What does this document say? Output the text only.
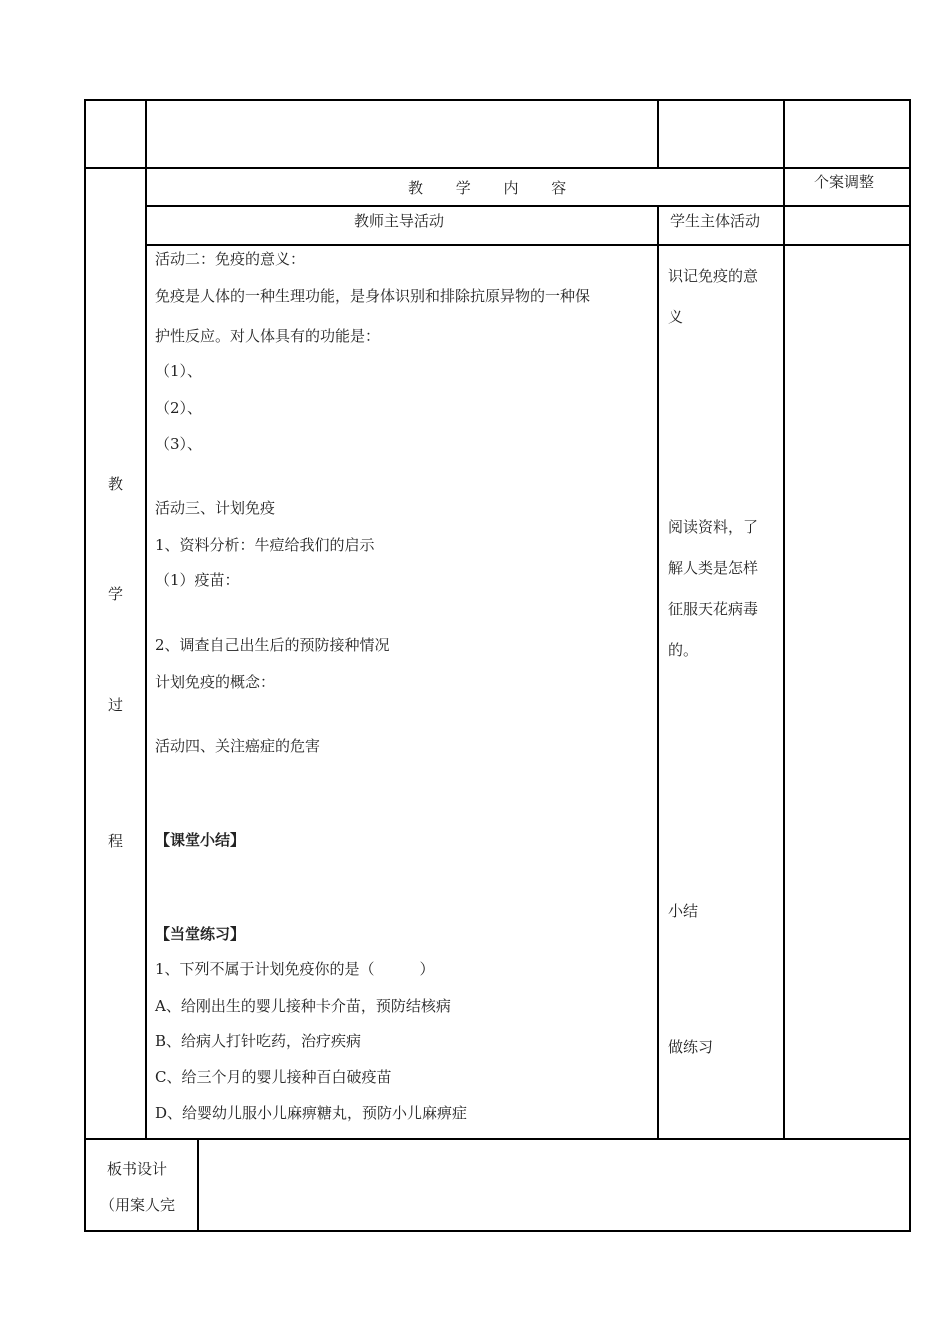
教 学 内 容	个案调整
教师主导活动	学生主体活动
教
学
过
程
活动二：免疫的意义：
免疫是人体的一种生理功能，是身体识别和排除抗原异物的一种保
护性反应。对人体具有的功能是：
（1）、
（2）、
（3）、
活动三、计划免疫
1、资料分析：牛痘给我们的启示
（1）疫苗：
2、调查自己出生后的预防接种情况
计划免疫的概念：
活动四、关注癌症的危害
【课堂小结】
【当堂练习】
1、下列不属于计划免疫你的是（　　　）
A、给刚出生的婴儿接种卡介苗，预防结核病
B、给病人打针吃药，治疗疾病
C、给三个月的婴儿接种百白破疫苗
D、给婴幼儿服小儿麻痹糖丸，预防小儿麻痹症
识记免疫的意
义
阅读资料，了
解人类是怎样
征服天花病毒
的。
小结
做练习
板书设计
（用案人完
